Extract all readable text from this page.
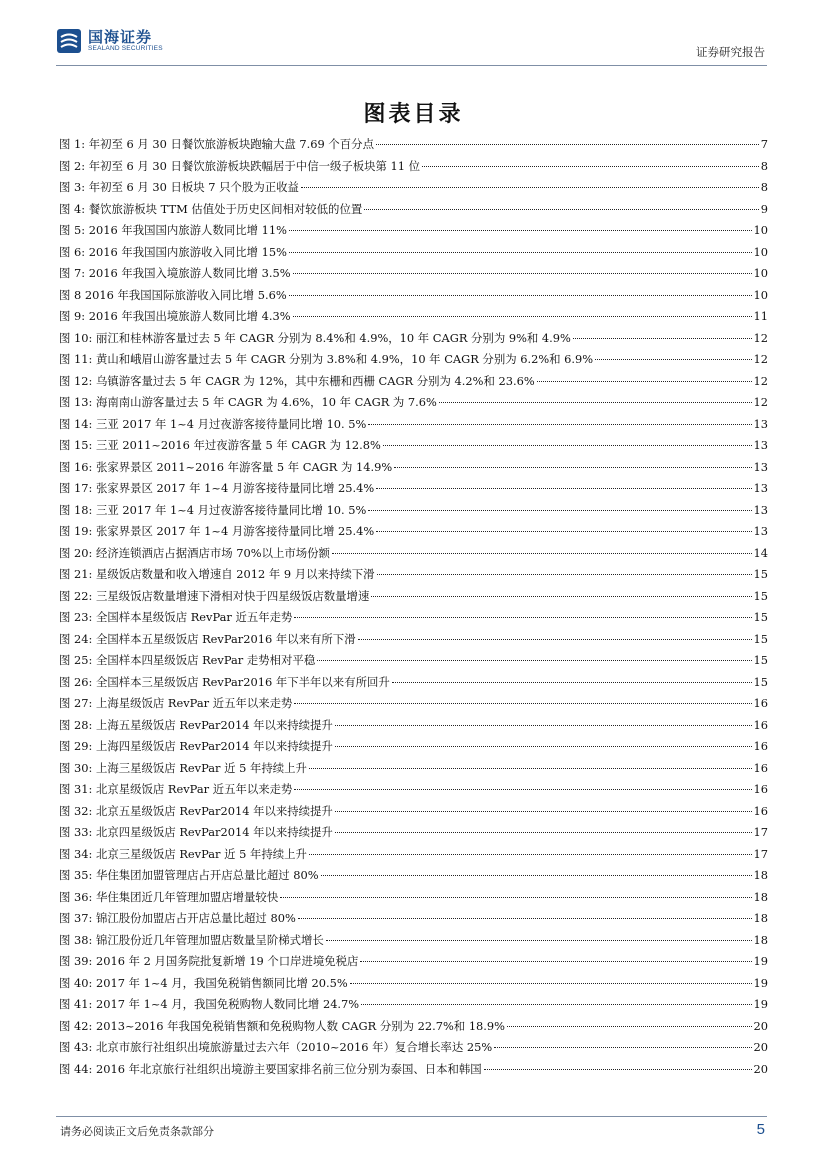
国海证券
SEALAND SECURITIES	证券研究报告
图表目录
图 1: 年初至 6 月 30 日餐饮旅游板块跑输大盘 7.69 个百分点	7
图 2: 年初至 6 月 30 日餐饮旅游板块跌幅居于中信一级子板块第 11 位	8
图 3: 年初至 6 月 30 日板块 7 只个股为正收益	8
图 4: 餐饮旅游板块 TTM 估值处于历史区间相对较低的位置	9
图 5: 2016 年我国国内旅游人数同比增 11%	10
图 6: 2016 年我国国内旅游收入同比增 15%	10
图 7: 2016 年我国入境旅游人数同比增 3.5%	10
图 8 2016 年我国国际旅游收入同比增 5.6%	10
图 9: 2016 年我国出境旅游人数同比增 4.3%	11
图 10: 丽江和桂林游客量过去 5 年 CAGR 分别为 8.4%和 4.9%，10 年 CAGR 分别为 9%和 4.9%	12
图 11: 黄山和峨眉山游客量过去 5 年 CAGR 分别为 3.8%和 4.9%，10 年 CAGR 分别为 6.2%和 6.9%	12
图 12: 乌镇游客量过去 5 年 CAGR 为 12%，其中东栅和西栅 CAGR 分别为 4.2%和 23.6%	12
图 13: 海南南山游客量过去 5 年 CAGR 为 4.6%，10 年 CAGR 为 7.6%	12
图 14: 三亚 2017 年 1~4 月过夜游客接待量同比增 10. 5%	13
图 15: 三亚 2011~2016 年过夜游客量 5 年 CAGR 为 12.8%	13
图 16: 张家界景区 2011~2016 年游客量 5 年 CAGR 为 14.9%	13
图 17: 张家界景区 2017 年 1~4 月游客接待量同比增 25.4%	13
图 18: 三亚 2017 年 1~4 月过夜游客接待量同比增 10. 5%	13
图 19: 张家界景区 2017 年 1~4 月游客接待量同比增 25.4%	13
图 20: 经济连锁酒店占据酒店市场 70%以上市场份额	14
图 21: 星级饭店数量和收入增速自 2012 年 9 月以来持续下滑	15
图 22: 三星级饭店数量增速下滑相对快于四星级饭店数量增速	15
图 23: 全国样本星级饭店 RevPar 近五年走势	15
图 24: 全国样本五星级饭店 RevPar2016 年以来有所下滑	15
图 25: 全国样本四星级饭店 RevPar 走势相对平稳	15
图 26: 全国样本三星级饭店 RevPar2016 年下半年以来有所回升	15
图 27: 上海星级饭店 RevPar 近五年以来走势	16
图 28: 上海五星级饭店 RevPar2014 年以来持续提升	16
图 29: 上海四星级饭店 RevPar2014 年以来持续提升	16
图 30: 上海三星级饭店 RevPar 近 5 年持续上升	16
图 31: 北京星级饭店 RevPar 近五年以来走势	16
图 32: 北京五星级饭店 RevPar2014 年以来持续提升	16
图 33: 北京四星级饭店 RevPar2014 年以来持续提升	17
图 34: 北京三星级饭店 RevPar 近 5 年持续上升	17
图 35: 华住集团加盟管理店占开店总量比超过 80%	18
图 36: 华住集团近几年管理加盟店增量较快	18
图 37: 锦江股份加盟店占开店总量比超过 80%	18
图 38: 锦江股份近几年管理加盟店数量呈阶梯式增长	18
图 39: 2016 年 2 月国务院批复新增 19 个口岸进境免税店	19
图 40: 2017 年 1~4 月，我国免税销售额同比增 20.5%	19
图 41: 2017 年 1~4 月，我国免税购物人数同比增 24.7%	19
图 42: 2013~2016 年我国免税销售额和免税购物人数 CAGR 分别为 22.7%和 18.9%	20
图 43: 北京市旅行社组织出境旅游量过去六年（2010~2016 年）复合增长率达 25%	20
图 44: 2016 年北京旅行社组织出境游主要国家排名前三位分别为泰国、日本和韩国	20
请务必阅读正文后免责条款部分	5
